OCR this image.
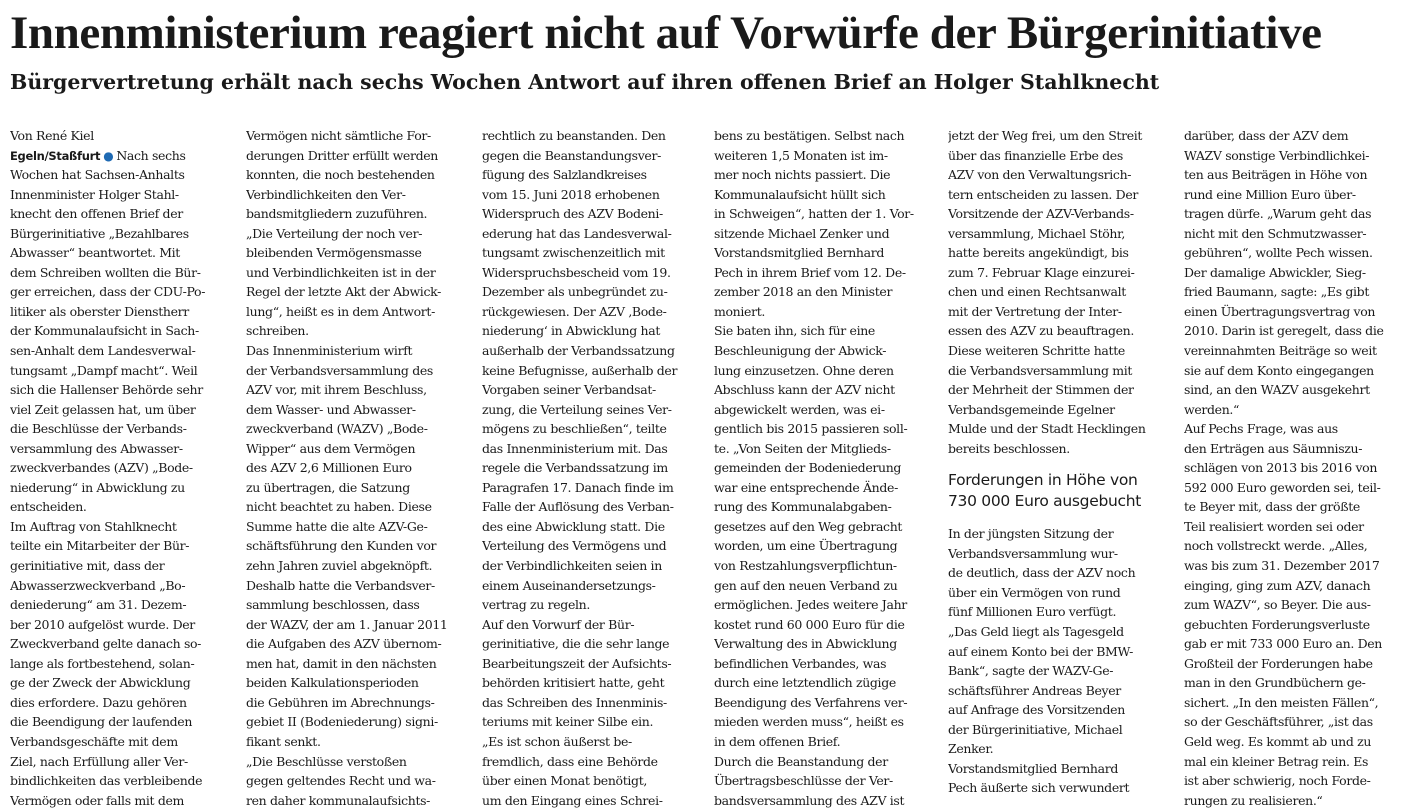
Innenministerium reagiert nicht auf Vorwürfe der Bürgerinitiative
Bürgervertretung erhält nach sechs Wochen Antwort auf ihren offenen Brief an Holger Stahlknecht
Von René Kiel
Egeln/Staßfurt ● Nach sechs
Wochen hat Sachsen-Anhalts
Innenminister Holger Stahl-
knecht den offenen Brief der
Bürgerinitiative „Bezahlbares
Abwasser“ beantwortet. Mit
dem Schreiben wollten die Bür-
ger erreichen, dass der CDU-Po-
litiker als oberster Dienstherr
der Kommunalaufsicht in Sach-
sen-Anhalt dem Landesverwal-
tungsamt „Dampf macht“. Weil
sich die Hallenser Behörde sehr
viel Zeit gelassen hat, um über
die Beschlüsse der Verbands-
versammlung des Abwasser-
zweckverbandes (AZV) „Bode-
niederung“ in Abwicklung zu
entscheiden.
Im Auftrag von Stahlknecht
teilte ein Mitarbeiter der Bür-
gerinitiative mit, dass der
Abwasserzweckverband „Bo-
deniederung“ am 31. Dezem-
ber 2010 aufgelöst wurde. Der
Zweckverband gelte danach so-
lange als fortbestehend, solan-
ge der Zweck der Abwicklung
dies erfordere. Dazu gehören
die Beendigung der laufenden
Verbandsgeschäfte mit dem
Ziel, nach Erfüllung aller Ver-
bindlichkeiten das verbleibende
Vermögen oder falls mit dem
Vermögen nicht sämtliche For-
derungen Dritter erfüllt werden
konnten, die noch bestehenden
Verbindlichkeiten den Ver-
bandsmitgliedern zuzuführen.
„Die Verteilung der noch ver-
bleibenden Vermögensmasse
und Verbindlichkeiten ist in der
Regel der letzte Akt der Abwick-
lung“, heißt es in dem Antwort-
schreiben.
Das Innenministerium wirft
der Verbandsversammlung des
AZV vor, mit ihrem Beschluss,
dem Wasser- und Abwasser-
zweckverband (WAZV) „Bode-
Wipper“ aus dem Vermögen
des AZV 2,6 Millionen Euro
zu übertragen, die Satzung
nicht beachtet zu haben. Diese
Summe hatte die alte AZV-Ge-
schäftsführung den Kunden vor
zehn Jahren zuviel abgeknöpft.
Deshalb hatte die Verbandsver-
sammlung beschlossen, dass
der WAZV, der am 1. Januar 2011
die Aufgaben des AZV übernom-
men hat, damit in den nächsten
beiden Kalkulationsperioden
die Gebühren im Abrechnungs-
gebiet II (Bodeniederung) signi-
fikant senkt.
„Die Beschlüsse verstoßen
gegen geltendes Recht und wa-
ren daher kommunalaufsichts-
rechtlich zu beanstanden. Den
gegen die Beanstandungsver-
fügung des Salzlandkreises
vom 15. Juni 2018 erhobenen
Widerspruch des AZV Bodeni-
ederung hat das Landesverwal-
tungsamt zwischenzeitlich mit
Widerspruchsbescheid vom 19.
Dezember als unbegründet zu-
rückgewiesen. Der AZV ‚Bode-
niederung‘ in Abwicklung hat
außerhalb der Verbandssatzung
keine Befugnisse, außerhalb der
Vorgaben seiner Verbandsat-
zung, die Verteilung seines Ver-
mögens zu beschließen“, teilte
das Innenministerium mit. Das
regele die Verbandssatzung im
Paragrafen 17. Danach finde im
Falle der Auflösung des Verban-
des eine Abwicklung statt. Die
Verteilung des Vermögens und
der Verbindlichkeiten seien in
einem Auseinandersetzungs-
vertrag zu regeln.
Auf den Vorwurf der Bür-
gerinitiative, die die sehr lange
Bearbeitungszeit der Aufsichts-
behörden kritisiert hatte, geht
das Schreiben des Innenminis-
teriums mit keiner Silbe ein.
„Es ist schon äußerst be-
fremdlich, dass eine Behörde
über einen Monat benötigt,
um den Eingang eines Schrei-
bens zu bestätigen. Selbst nach
weiteren 1,5 Monaten ist im-
mer noch nichts passiert. Die
Kommunalaufsicht hüllt sich
in Schweigen“, hatten der 1. Vor-
sitzende Michael Zenker und
Vorstandsmitglied Bernhard
Pech in ihrem Brief vom 12. De-
zember 2018 an den Minister
moniert.
Sie baten ihn, sich für eine
Beschleunigung der Abwick-
lung einzusetzen. Ohne deren
Abschluss kann der AZV nicht
abgewickelt werden, was ei-
gentlich bis 2015 passieren soll-
te. „Von Seiten der Mitglieds-
gemeinden der Bodeniederung
war eine entsprechende Ände-
rung des Kommunalabgaben-
gesetzes auf den Weg gebracht
worden, um eine Übertragung
von Restzahlungsverpflichtun-
gen auf den neuen Verband zu
ermöglichen. Jedes weitere Jahr
kostet rund 60 000 Euro für die
Verwaltung des in Abwicklung
befindlichen Verbandes, was
durch eine letztendlich zügige
Beendigung des Verfahrens ver-
mieden werden muss“, heißt es
in dem offenen Brief.
Durch die Beanstandung der
Übertragsbeschlüsse der Ver-
bandsversammlung des AZV ist
jetzt der Weg frei, um den Streit
über das finanzielle Erbe des
AZV von den Verwaltungsrich-
tern entscheiden zu lassen. Der
Vorsitzende der AZV-Verbands-
versammlung, Michael Stöhr,
hatte bereits angekündigt, bis
zum 7. Februar Klage einzurei-
chen und einen Rechtsanwalt
mit der Vertretung der Inter-
essen des AZV zu beauftragen.
Diese weiteren Schritte hatte
die Verbandsversammlung mit
der Mehrheit der Stimmen der
Verbandsgemeinde Egelner
Mulde und der Stadt Hecklingen
bereits beschlossen.
Forderungen in Höhe von
730 000 Euro ausgebucht
In der jüngsten Sitzung der
Verbandsversammlung wur-
de deutlich, dass der AZV noch
über ein Vermögen von rund
fünf Millionen Euro verfügt.
„Das Geld liegt als Tagesgeld
auf einem Konto bei der BMW-
Bank“, sagte der WAZV-Ge-
schäftsführer Andreas Beyer
auf Anfrage des Vorsitzenden
der Bürgerinitiative, Michael
Zenker.
Vorstandsmitglied Bernhard
Pech äußerte sich verwundert
darüber, dass der AZV dem
WAZV sonstige Verbindlichkei-
ten aus Beiträgen in Höhe von
rund eine Million Euro über-
tragen dürfe. „Warum geht das
nicht mit den Schmutzwasser-
gebühren“, wollte Pech wissen.
Der damalige Abwickler, Sieg-
fried Baumann, sagte: „Es gibt
einen Übertragungsvertrag von
2010. Darin ist geregelt, dass die
vereinnahmten Beiträge so weit
sie auf dem Konto eingegangen
sind, an den WAZV ausgekehrt
werden.“
Auf Pechs Frage, was aus
den Erträgen aus Säumniszu-
schlägen von 2013 bis 2016 von
592 000 Euro geworden sei, teil-
te Beyer mit, dass der größte
Teil realisiert worden sei oder
noch vollstreckt werde. „Alles,
was bis zum 31. Dezember 2017
einging, ging zum AZV, danach
zum WAZV“, so Beyer. Die aus-
gebuchten Forderungsverluste
gab er mit 733 000 Euro an. Den
Großteil der Forderungen habe
man in den Grundbüchern ge-
sichert. „In den meisten Fällen“,
so der Geschäftsführer, „ist das
Geld weg. Es kommt ab und zu
mal ein kleiner Betrag rein. Es
ist aber schwierig, noch Forde-
rungen zu realisieren.“
